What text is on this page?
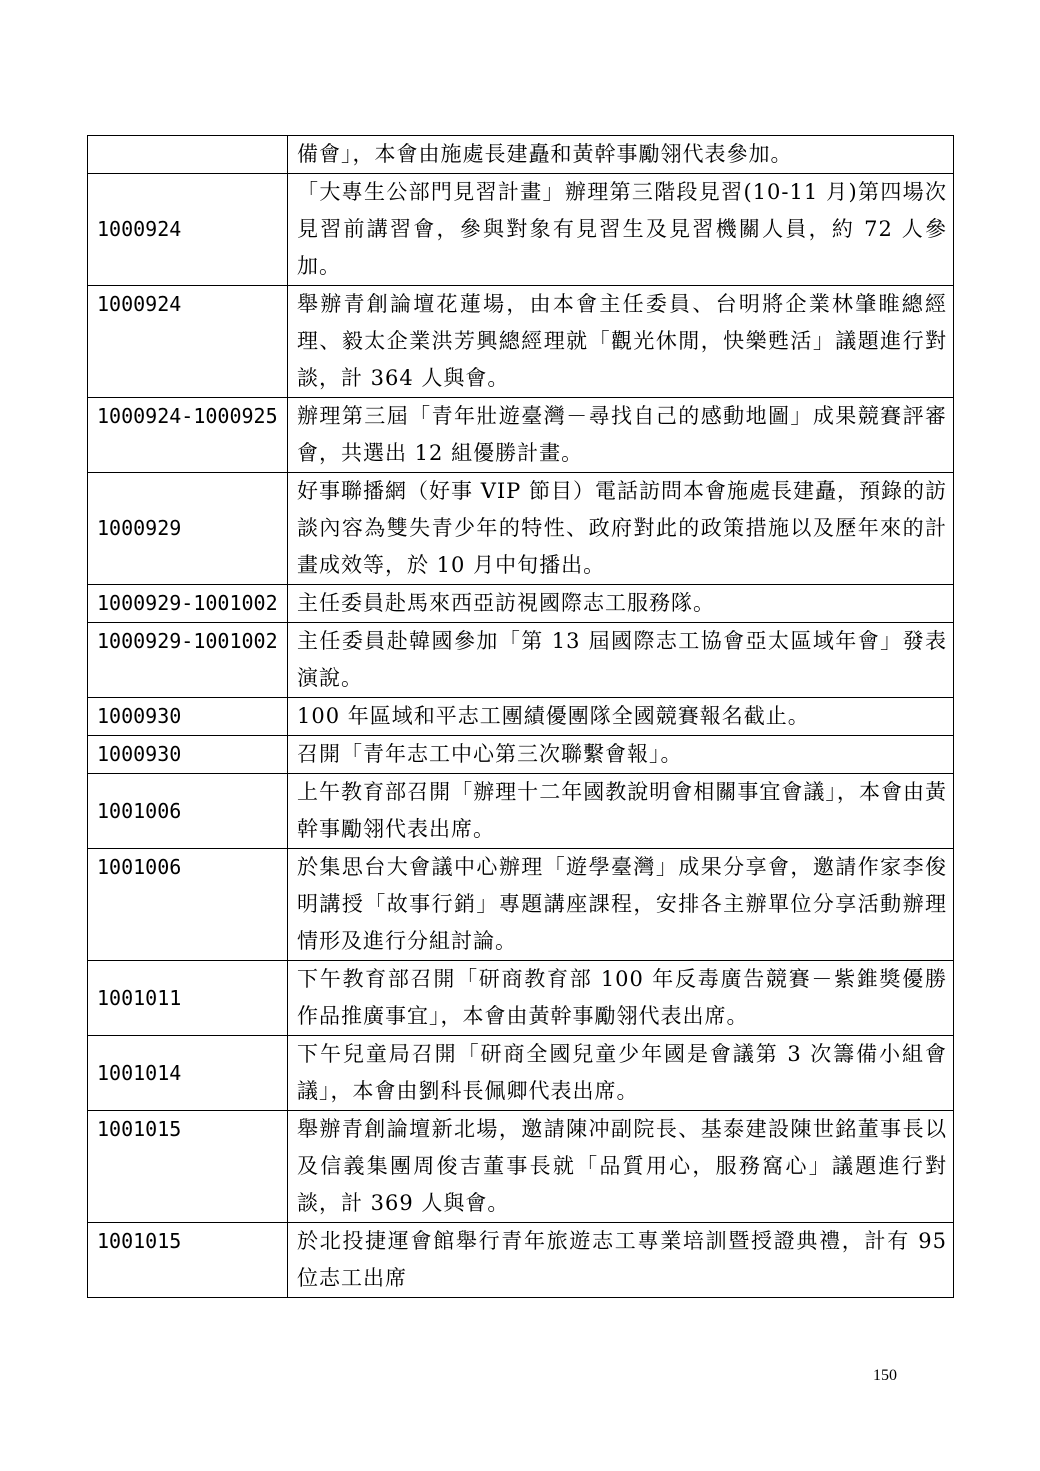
	備會」，本會由施處長建矗和黃幹事勵翎代表參加。
1000924	「大專生公部門見習計畫」辦理第三階段見習(10-11 月)第四場次見習前講習會，參與對象有見習生及見習機關人員，約 72 人參加。
1000924	舉辦青創論壇花蓮場，由本會主任委員、台明將企業林肇睢總經理、毅太企業洪芳興總經理就「觀光休閒，快樂甦活」議題進行對談，計 364 人與會。
1000924-1000925	辦理第三屆「青年壯遊臺灣－尋找自己的感動地圖」成果競賽評審會，共選出 12 組優勝計畫。
1000929	好事聯播網（好事 VIP 節目）電話訪問本會施處長建矗，預錄的訪談內容為雙失青少年的特性、政府對此的政策措施以及歷年來的計畫成效等，於 10 月中旬播出。
1000929-1001002	主任委員赴馬來西亞訪視國際志工服務隊。
1000929-1001002	主任委員赴韓國參加「第 13 屆國際志工協會亞太區域年會」發表演說。
1000930	100 年區域和平志工團績優團隊全國競賽報名截止。
1000930	召開「青年志工中心第三次聯繫會報」。
1001006	上午教育部召開「辦理十二年國教說明會相關事宜會議」，本會由黃幹事勵翎代表出席。
1001006	於集思台大會議中心辦理「遊學臺灣」成果分享會，邀請作家李俊明講授「故事行銷」專題講座課程，安排各主辦單位分享活動辦理情形及進行分組討論。
1001011	下午教育部召開「研商教育部 100 年反毒廣告競賽－紫錐獎優勝作品推廣事宜」，本會由黃幹事勵翎代表出席。
1001014	下午兒童局召開「研商全國兒童少年國是會議第 3 次籌備小組會議」，本會由劉科長佩卿代表出席。
1001015	舉辦青創論壇新北場，邀請陳冲副院長、基泰建設陳世銘董事長以及信義集團周俊吉董事長就「品質用心，服務窩心」議題進行對談，計 369 人與會。
1001015	於北投捷運會館舉行青年旅遊志工專業培訓暨授證典禮，計有 95 位志工出席
150
